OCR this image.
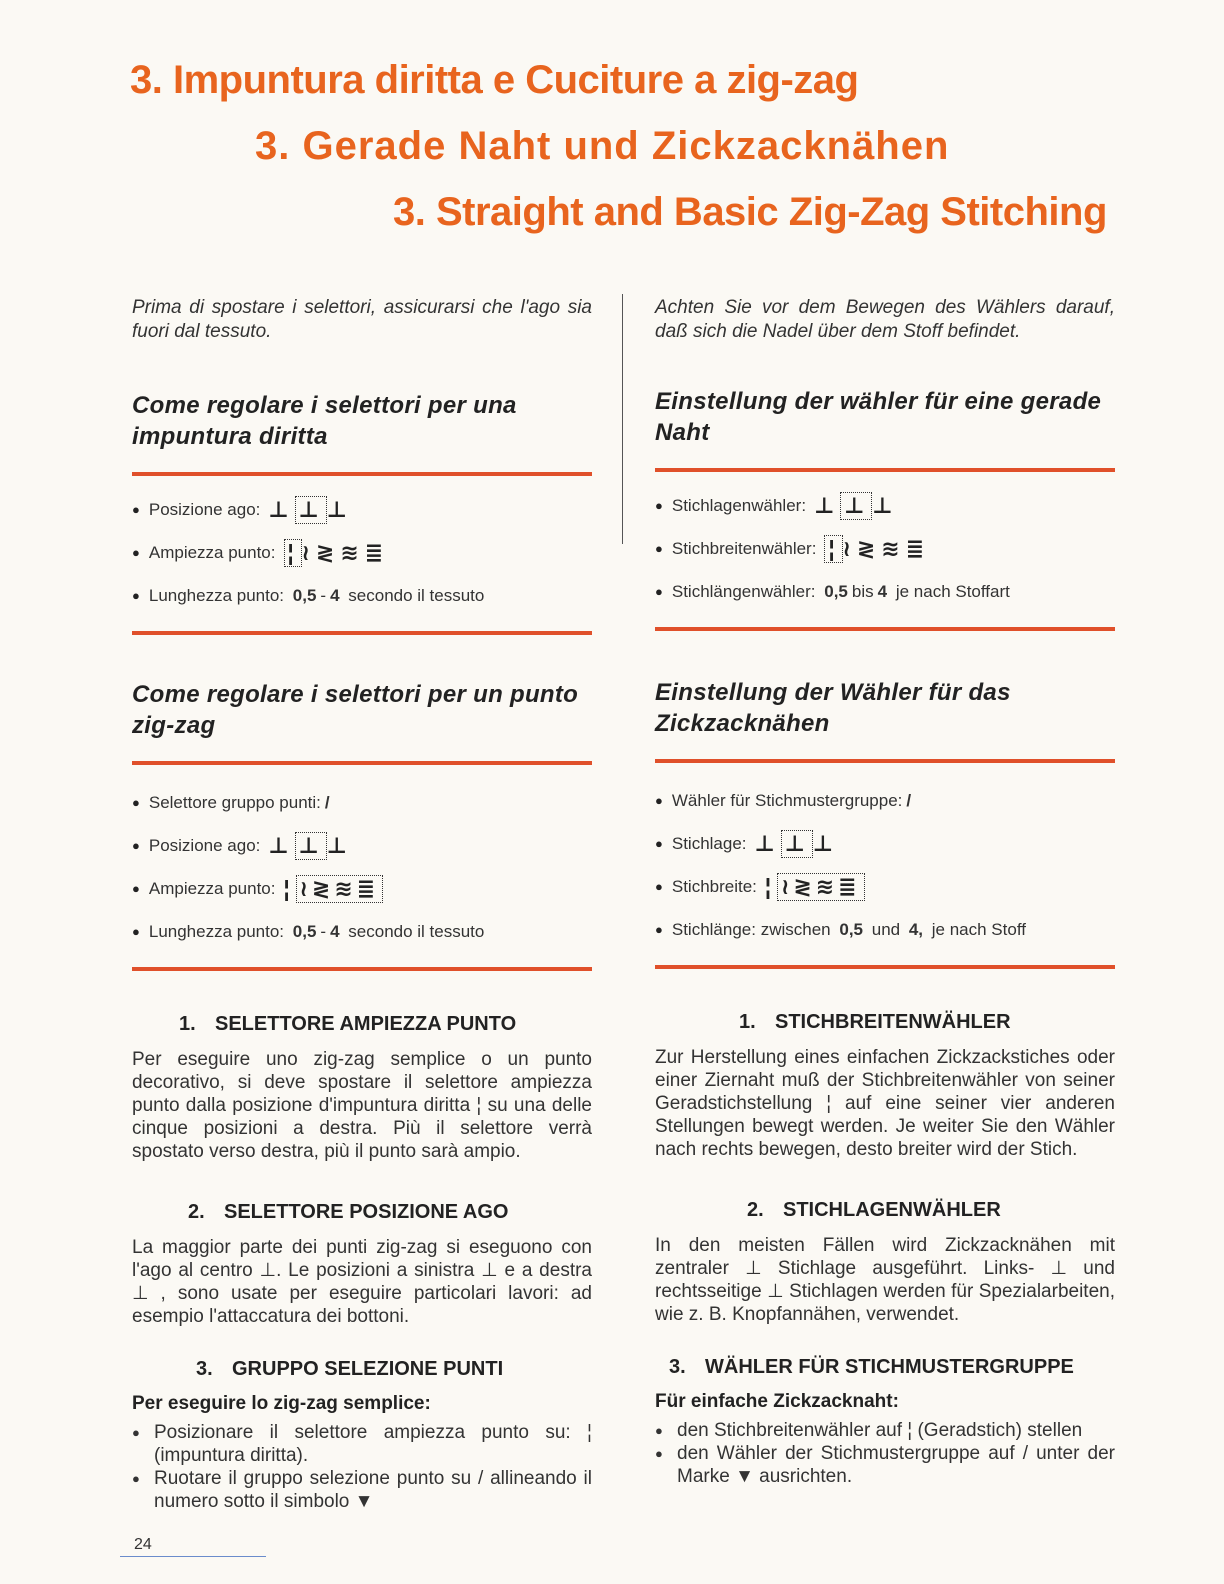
3. Impuntura diritta e Cuciture a zig-zag
3. Gerade Naht und Zickzacknähen
3. Straight and Basic Zig-Zag Stitching

Prima di spostare i selettori, assicurarsi che l'ago sia fuori dal tessuto.

Come regolare i selettori per una impuntura diritta
● Posizione ago: ⊥ ⊥ ⊥
● Ampiezza punto: ¦ ≀≷≋≣
● Lunghezza punto:
0,5 - 4
secondo il tessuto
Come regolare i selettori per un punto zig-zag
● Selettore gruppo punti: /
● Posizione ago: ⊥ ⊥ ⊥
● Ampiezza punto: ¦ ≀≷≋≣
● Lunghezza punto:
0,5 - 4
secondo il tessuto
1. SELETTORE AMPIEZZA PUNTO

Per eseguire uno zig-zag semplice o un punto decorativo, si deve spostare il selettore ampiezza punto dalla posizione d'impuntura diritta ¦ su una delle cinque posizioni a destra. Più il selettore verrà spostato verso destra, più il punto sarà ampio.

2. SELETTORE POSIZIONE AGO

La maggior parte dei punti zig-zag si eseguono con l'ago al centro ⊥. Le posizioni a sinistra ⊥ e a destra ⊥ , sono usate per eseguire particolari lavori: ad esempio l'attaccatura dei bottoni.

3. GRUPPO SELEZIONE PUNTI

Per eseguire lo zig-zag semplice:

● Posizionare il selettore ampiezza punto su: ¦ (impuntura diritta).
● Ruotare il gruppo selezione punto su / allineando il numero sotto il simbolo ▼

Achten Sie vor dem Bewegen des Wählers darauf, daß sich die Nadel über dem Stoff befindet.

Einstellung der wähler für eine gerade Naht
● Stichlagenwähler: ⊥ ⊥ ⊥
● Stichbreitenwähler: ¦ ≀≷≋≣
● Stichlängenwähler:
0,5 bis 4
je nach Stoffart
Einstellung der Wähler für das Zickzacknähen
● Wähler für Stichmustergruppe: /
● Stichlage: ⊥ ⊥ ⊥
● Stichbreite: ¦ ≀≷≋≣
● Stichlänge: zwischen
0,5
und
4,
je nach Stoff
1. STICHBREITENWÄHLER

Zur Herstellung eines einfachen Zickzackstiches oder einer Ziernaht muß der Stichbreitenwähler von seiner Geradstichstellung ¦ auf eine seiner vier anderen Stellungen bewegt werden. Je weiter Sie den Wähler nach rechts bewegen, desto breiter wird der Stich.

2. STICHLAGENWÄHLER

In den meisten Fällen wird Zickzacknähen mit zentraler ⊥ Stichlage ausgeführt. Links- ⊥ und rechtsseitige ⊥ Stichlagen werden für Spezialarbeiten, wie z. B. Knopfannähen, verwendet.

3. WÄHLER FÜR STICHMUSTERGRUPPE

Für einfache Zickzacknaht:

● den Stichbreitenwähler auf ¦ (Geradstich) stellen
● den Wähler der Stichmustergruppe auf / unter der Marke ▼ ausrichten.
24
